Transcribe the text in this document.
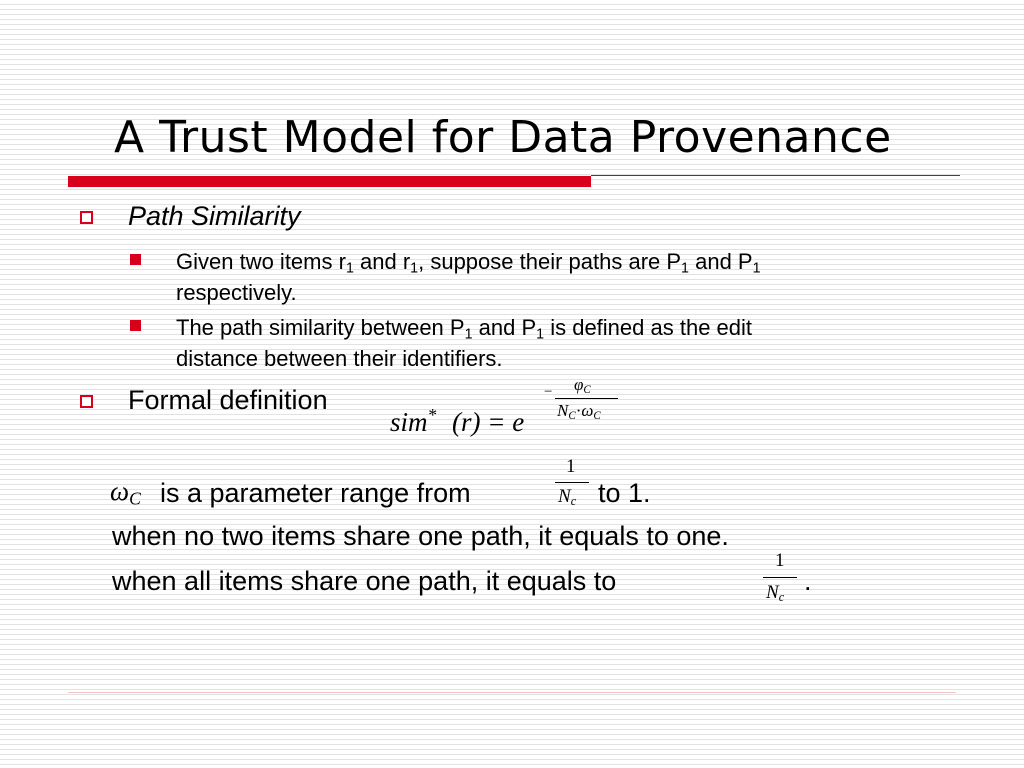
A Trust Model for Data Provenance
Path Similarity
Given two items $r_1$ and $r_1$, suppose their paths are $P_1$ and $P_1$
respectively.
The path similarity between $P_1$ and $P_1$ is defined as the edit
distance between their identifiers.
Formal definition
sim* (r) = e
− $\varphi_C$
$N_C\cdot\omega_C$
$\omega_C$ is a parameter range from
1
$N_c$ to 1.
when no two items share one path, it equals to one.
when all items share one path, it equals to
1
$N_c$
.
